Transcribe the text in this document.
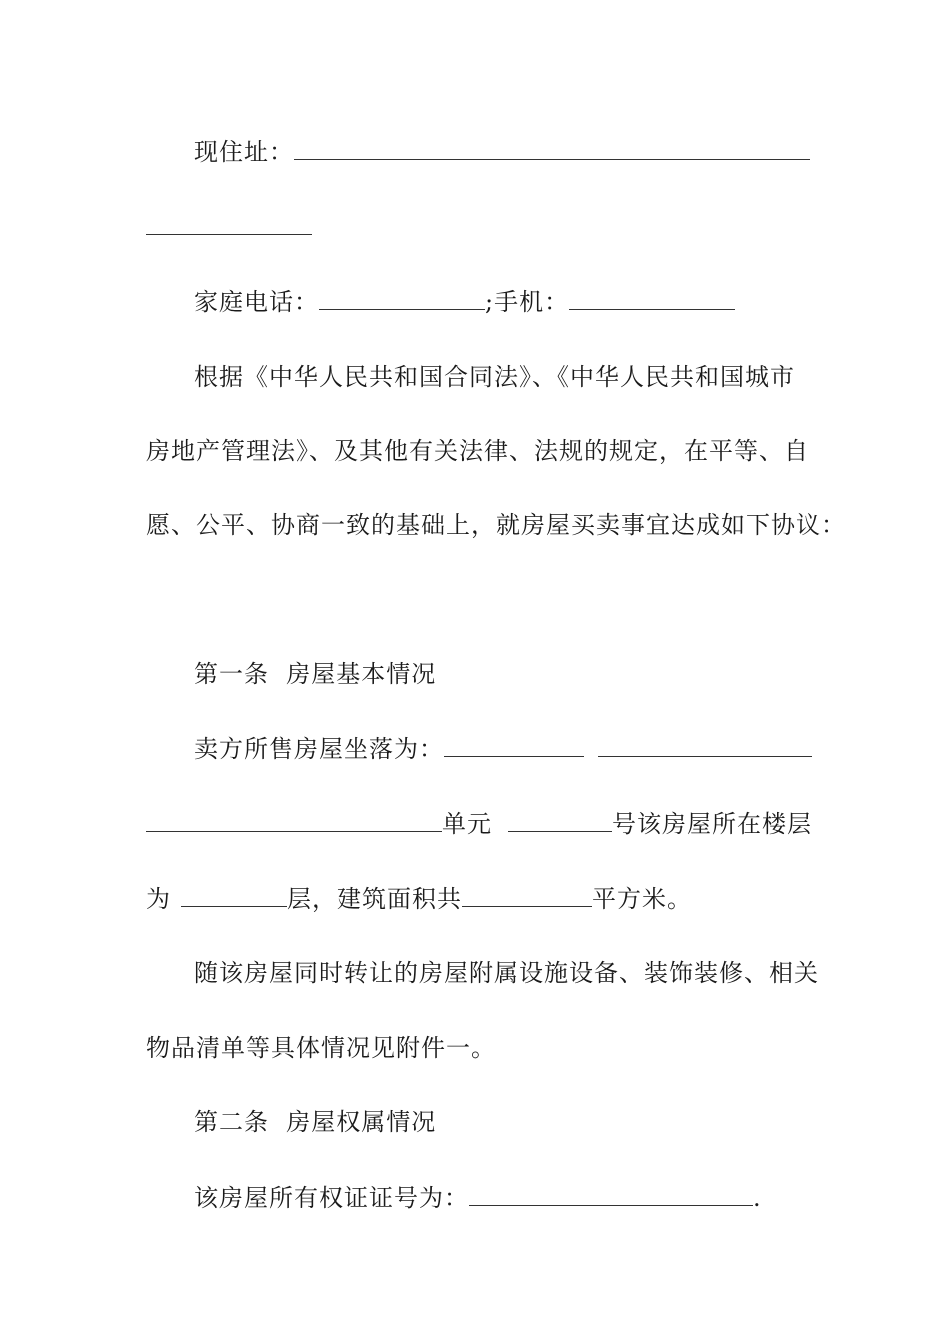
现住址：
家庭电话：	;手机：
根据《中华人民共和国合同法》、《中华人民共和国城市
房地产管理法》、及其他有关法律、法规的规定，在平等、自
愿、公平、协商一致的基础上，就房屋买卖事宜达成如下协议：
第一条  房屋基本情况
卖方所售房屋坐落为：
单元	号该房屋所在楼层
为	层，建筑面积共	平方米。
随该房屋同时转让的房屋附属设施设备、装饰装修、相关
物品清单等具体情况见附件一。
第二条  房屋权属情况
该房屋所有权证证号为：	.
